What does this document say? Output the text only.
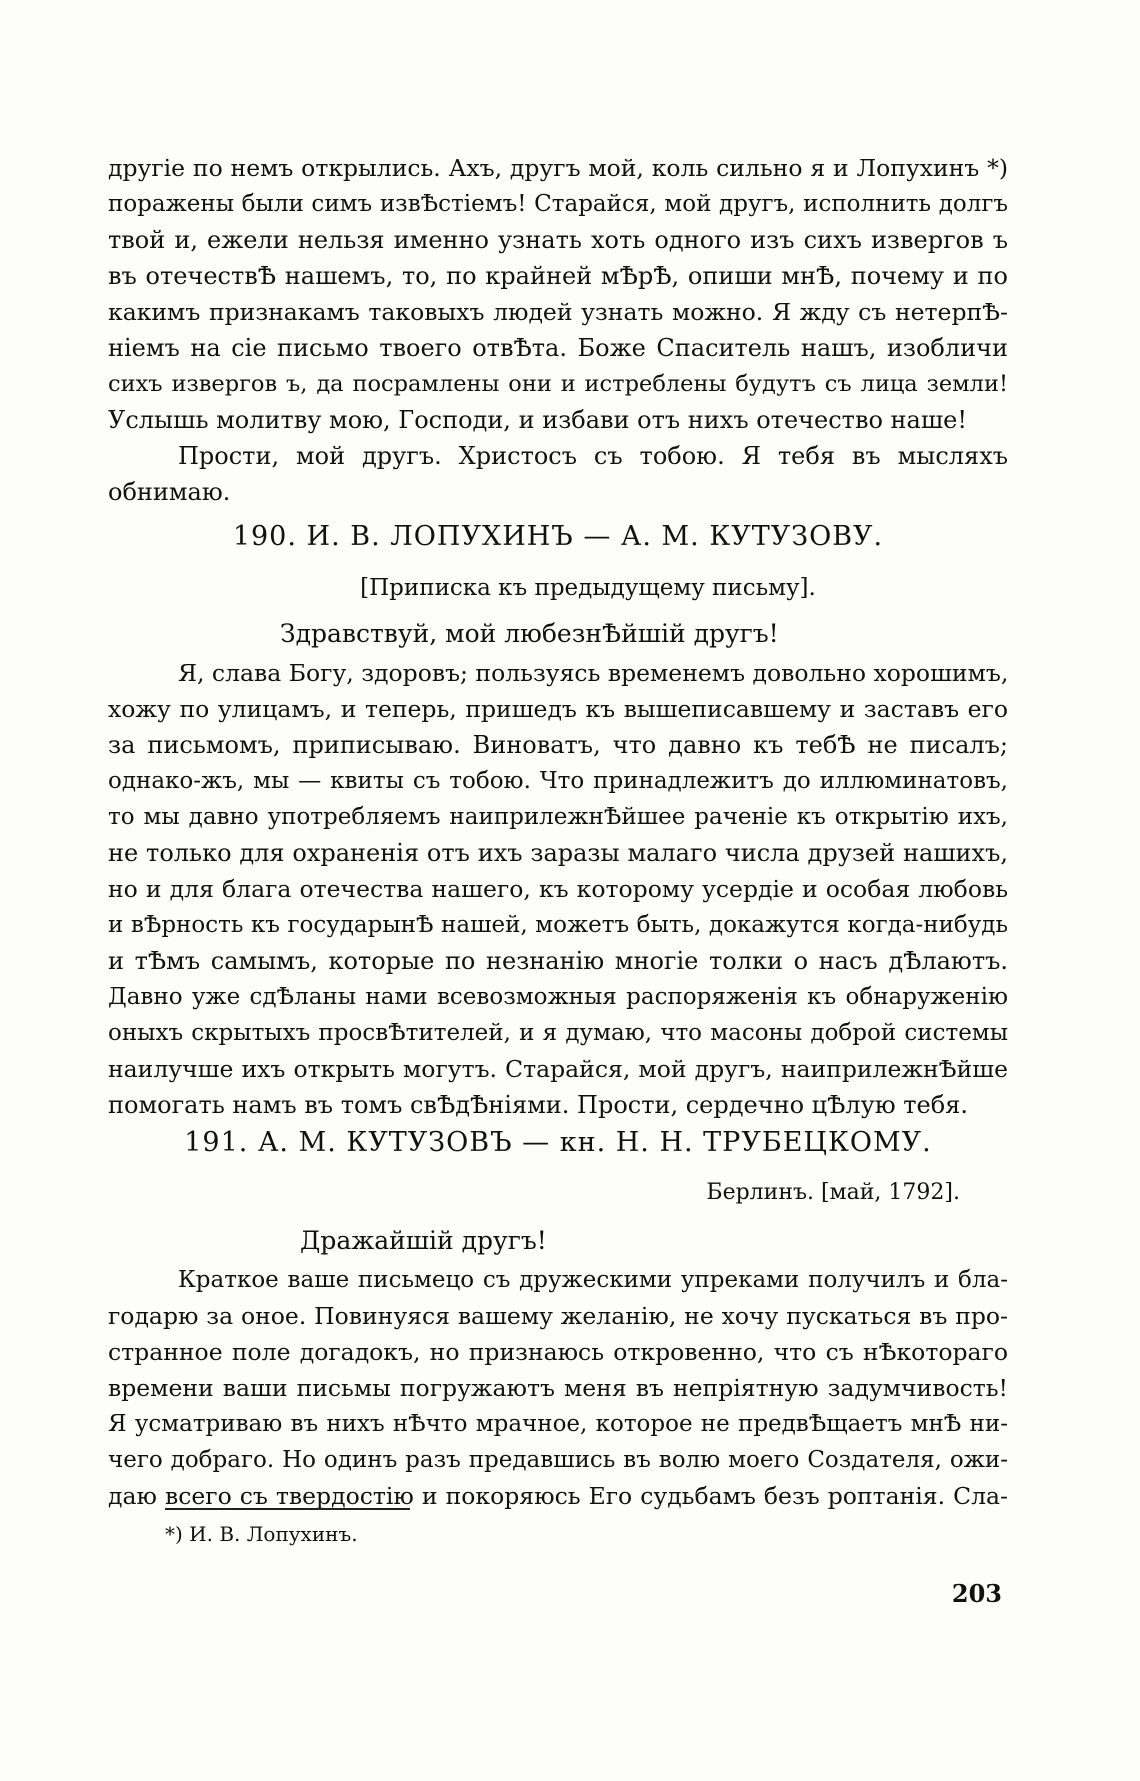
другіе по немъ открылись. Ахъ, другъ мой, коль сильно я и Лопухинъ *)
поражены были симъ извѢстіемъ! Старайся, мой другъ, исполнить долгъ
твой и, ежели нельзя именно узнать хоть одного изъ сихъ извергов ъ
въ отечествѢ нашемъ, то, по крайней мѢрѢ, опиши мнѢ, почему и по
какимъ признакамъ таковыхъ людей узнать можно. Я жду съ нетерпѢ-
ніемъ на сіе письмо твоего отвѢта. Боже Спаситель нашъ, изобличи
сихъ извергов ъ, да посрамлены они и истреблены будутъ съ лица земли!
Услышь молитву мою, Господи, и избави отъ нихъ отечество наше!
Прости, мой другъ. Христосъ съ тобою. Я тебя въ мысляхъ
обнимаю.
190. И. В. ЛОПУХИНЪ — А. М. КУТУЗОВУ.
[Приписка къ предыдущему письму].
Здравствуй, мой любезнѢйшій другъ!
Я, слава Богу, здоровъ; пользуясь временемъ довольно хорошимъ,
хожу по улицамъ, и теперь, пришедъ къ вышеписавшему и заставъ его
за письмомъ, приписываю. Виноватъ, что давно къ тебѢ не писалъ;
однако-жъ, мы — квиты съ тобою. Что принадлежитъ до иллюминатовъ,
то мы давно употребляемъ наиприлежнѢйшее раченіе къ открытію ихъ,
не только для охраненія отъ ихъ заразы малаго числа друзей нашихъ,
но и для блага отечества нашего, къ которому усердіе и особая любовь
и вѢрность къ государынѢ нашей, можетъ быть, докажутся когда-нибудь
и тѢмъ самымъ, которые по незнанію многіе толки о насъ дѢлаютъ.
Давно уже сдѢланы нами всевозможныя распоряженія къ обнаруженію
оныхъ скрытыхъ просвѢтителей, и я думаю, что масоны доброй системы
наилучше ихъ открыть могутъ. Старайся, мой другъ, наиприлежнѢйше
помогать намъ въ томъ свѢдѢніями. Прости, сердечно цѢлую тебя.
191. А. М. КУТУЗОВЪ — кн. Н. Н. ТРУБЕЦКОМУ.
Берлинъ. [май, 1792].
Дражайшій другъ!
Краткое ваше письмецо съ дружескими упреками получилъ и бла-
годарю за оное. Повинуяся вашему желанію, не хочу пускаться въ про-
странное поле догадокъ, но признаюсь откровенно, что съ нѢкотораго
времени ваши письмы погружаютъ меня въ непріятную задумчивость!
Я усматриваю въ нихъ нѢчто мрачное, которое не предвѢщаетъ мнѢ ни-
чего добраго. Но одинъ разъ предавшись въ волю моего Создателя, ожи-
даю всего съ твердостію и покоряюсь Его судьбамъ безъ роптанія. Сла-
*) И. В. Лопухинъ.
203
